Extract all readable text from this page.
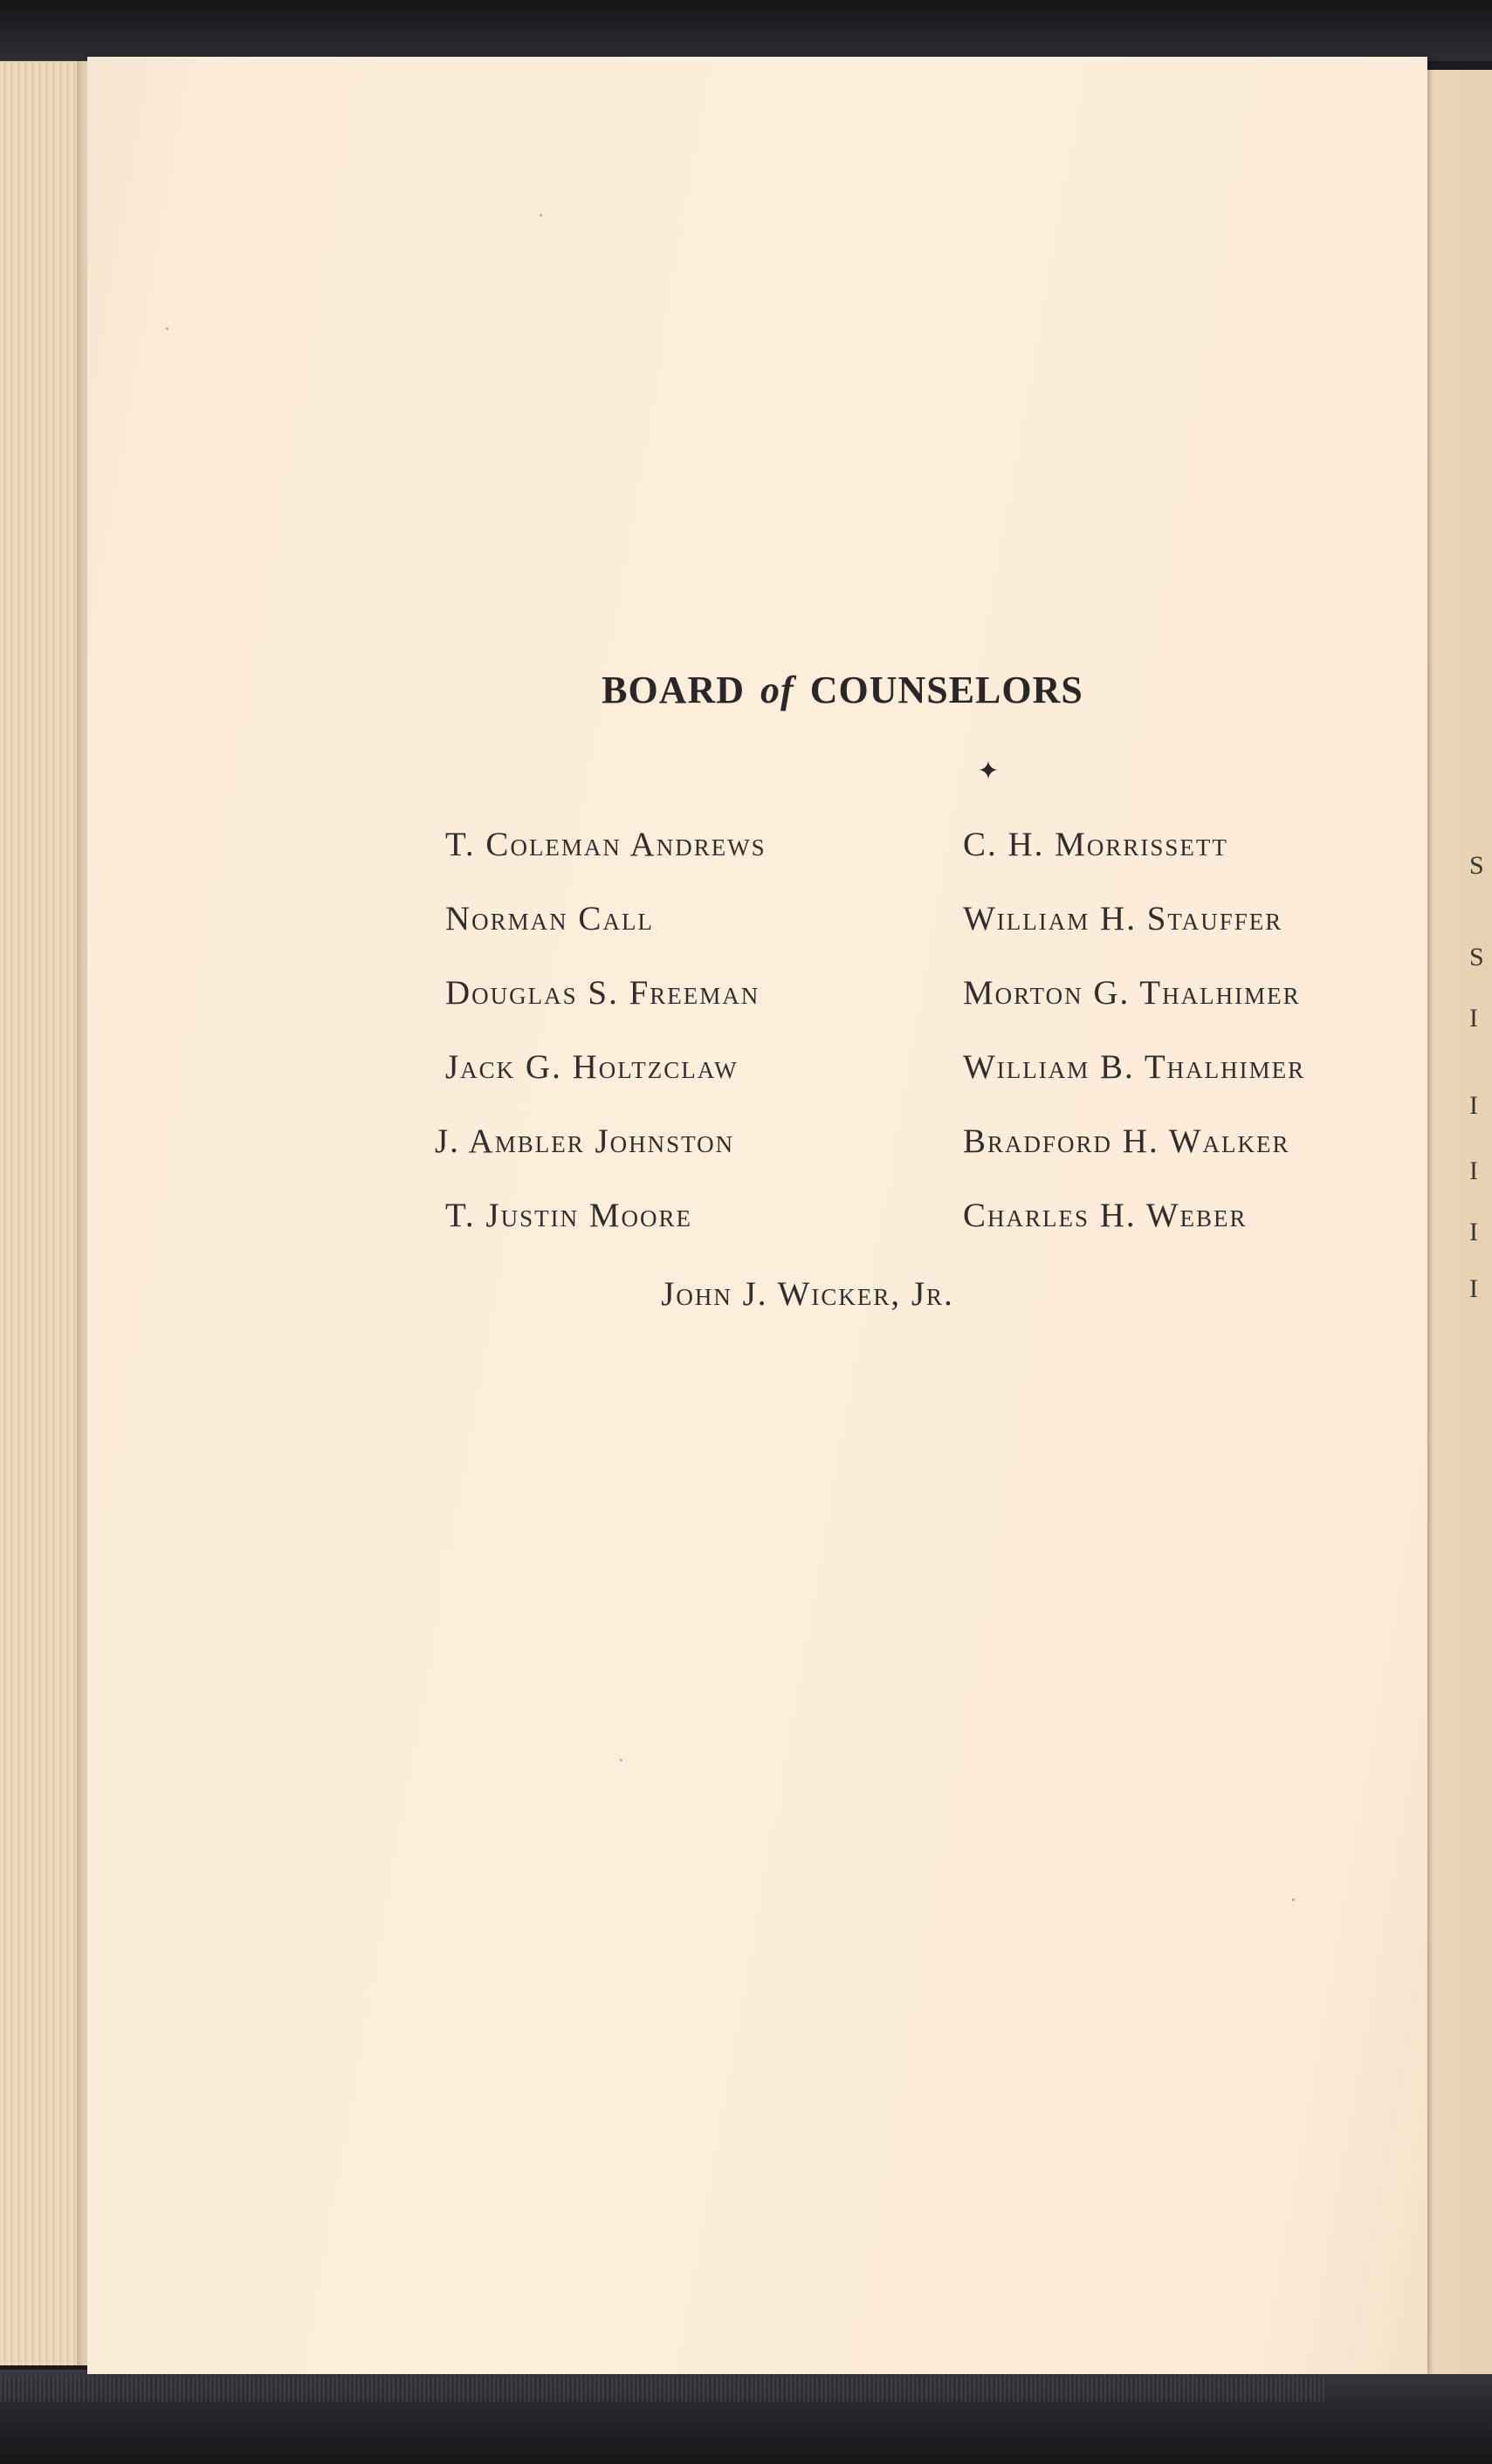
BOARD of COUNSELORS
✦
T. Coleman Andrews
Norman Call
Douglas S. Freeman
Jack G. Holtzclaw
J. Ambler Johnston
T. Justin Moore
C. H. Morrissett
William H. Stauffer
Morton G. Thalhimer
William B. Thalhimer
Bradford H. Walker
Charles H. Weber
John J. Wicker, Jr.
S
S
I
I
I
I
I
